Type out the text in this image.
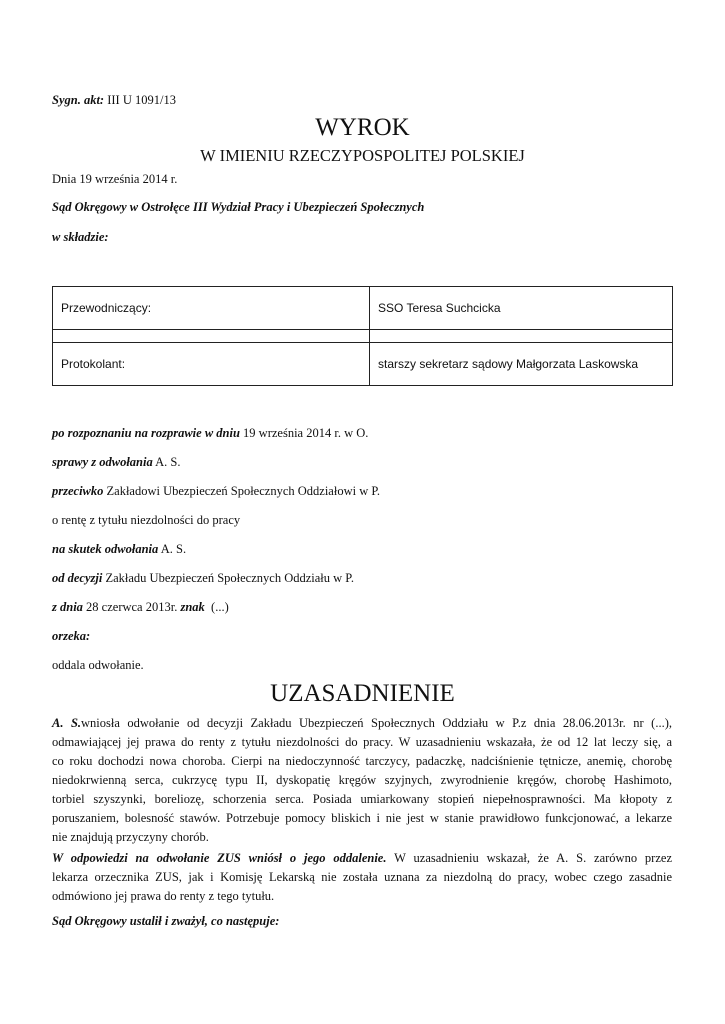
Sygn. akt: III U 1091/13
WYROK
W IMIENIU RZECZYPOSPOLITEJ POLSKIEJ
Dnia 19 września 2014 r.
Sąd Okręgowy w Ostrołęce III Wydział Pracy i Ubezpieczeń Społecznych
w składzie:
Przewodniczący:	SSO Teresa Suchcicka

Protokolant:	starszy sekretarz sądowy Małgorzata Laskowska
po rozpoznaniu na rozprawie w dniu 19 września 2014 r. w O.
sprawy z odwołania A. S.
przeciwko Zakładowi Ubezpieczeń Społecznych Oddziałowi w P.
o rentę z tytułu niezdolności do pracy
na skutek odwołania A. S.
od decyzji Zakładu Ubezpieczeń Społecznych Oddziału w P.
z dnia 28 czerwca 2013r. znak  (...)
orzeka:
oddala odwołanie.
UZASADNIENIE
A. S.wniosła odwołanie od decyzji Zakładu Ubezpieczeń Społecznych Oddziału w P.z dnia 28.06.2013r. nr (...),
odmawiającej jej prawa do renty z tytułu niezdolności do pracy. W uzasadnieniu wskazała, że od 12 lat leczy się, a
co roku dochodzi nowa choroba. Cierpi na niedoczynność tarczycy, padaczkę, nadciśnienie tętnicze, anemię, chorobę
niedokrwienną serca, cukrzycę typu II, dyskopatię kręgów szyjnych, zwyrodnienie kręgów, chorobę Hashimoto,
torbiel szyszynki, boreliozę, schorzenia serca. Posiada umiarkowany stopień niepełnosprawności. Ma kłopoty z
poruszaniem, bolesność stawów. Potrzebuje pomocy bliskich i nie jest w stanie prawidłowo funkcjonować, a lekarze
nie znajdują przyczyny chorób.
W odpowiedzi na odwołanie ZUS wniósł o jego oddalenie. W uzasadnieniu wskazał, że A. S. zarówno przez
lekarza orzecznika ZUS, jak i Komisję Lekarską nie została uznana za niezdolną do pracy, wobec czego zasadnie
odmówiono jej prawa do renty z tego tytułu.
Sąd Okręgowy ustalił i zważył, co następuje:
